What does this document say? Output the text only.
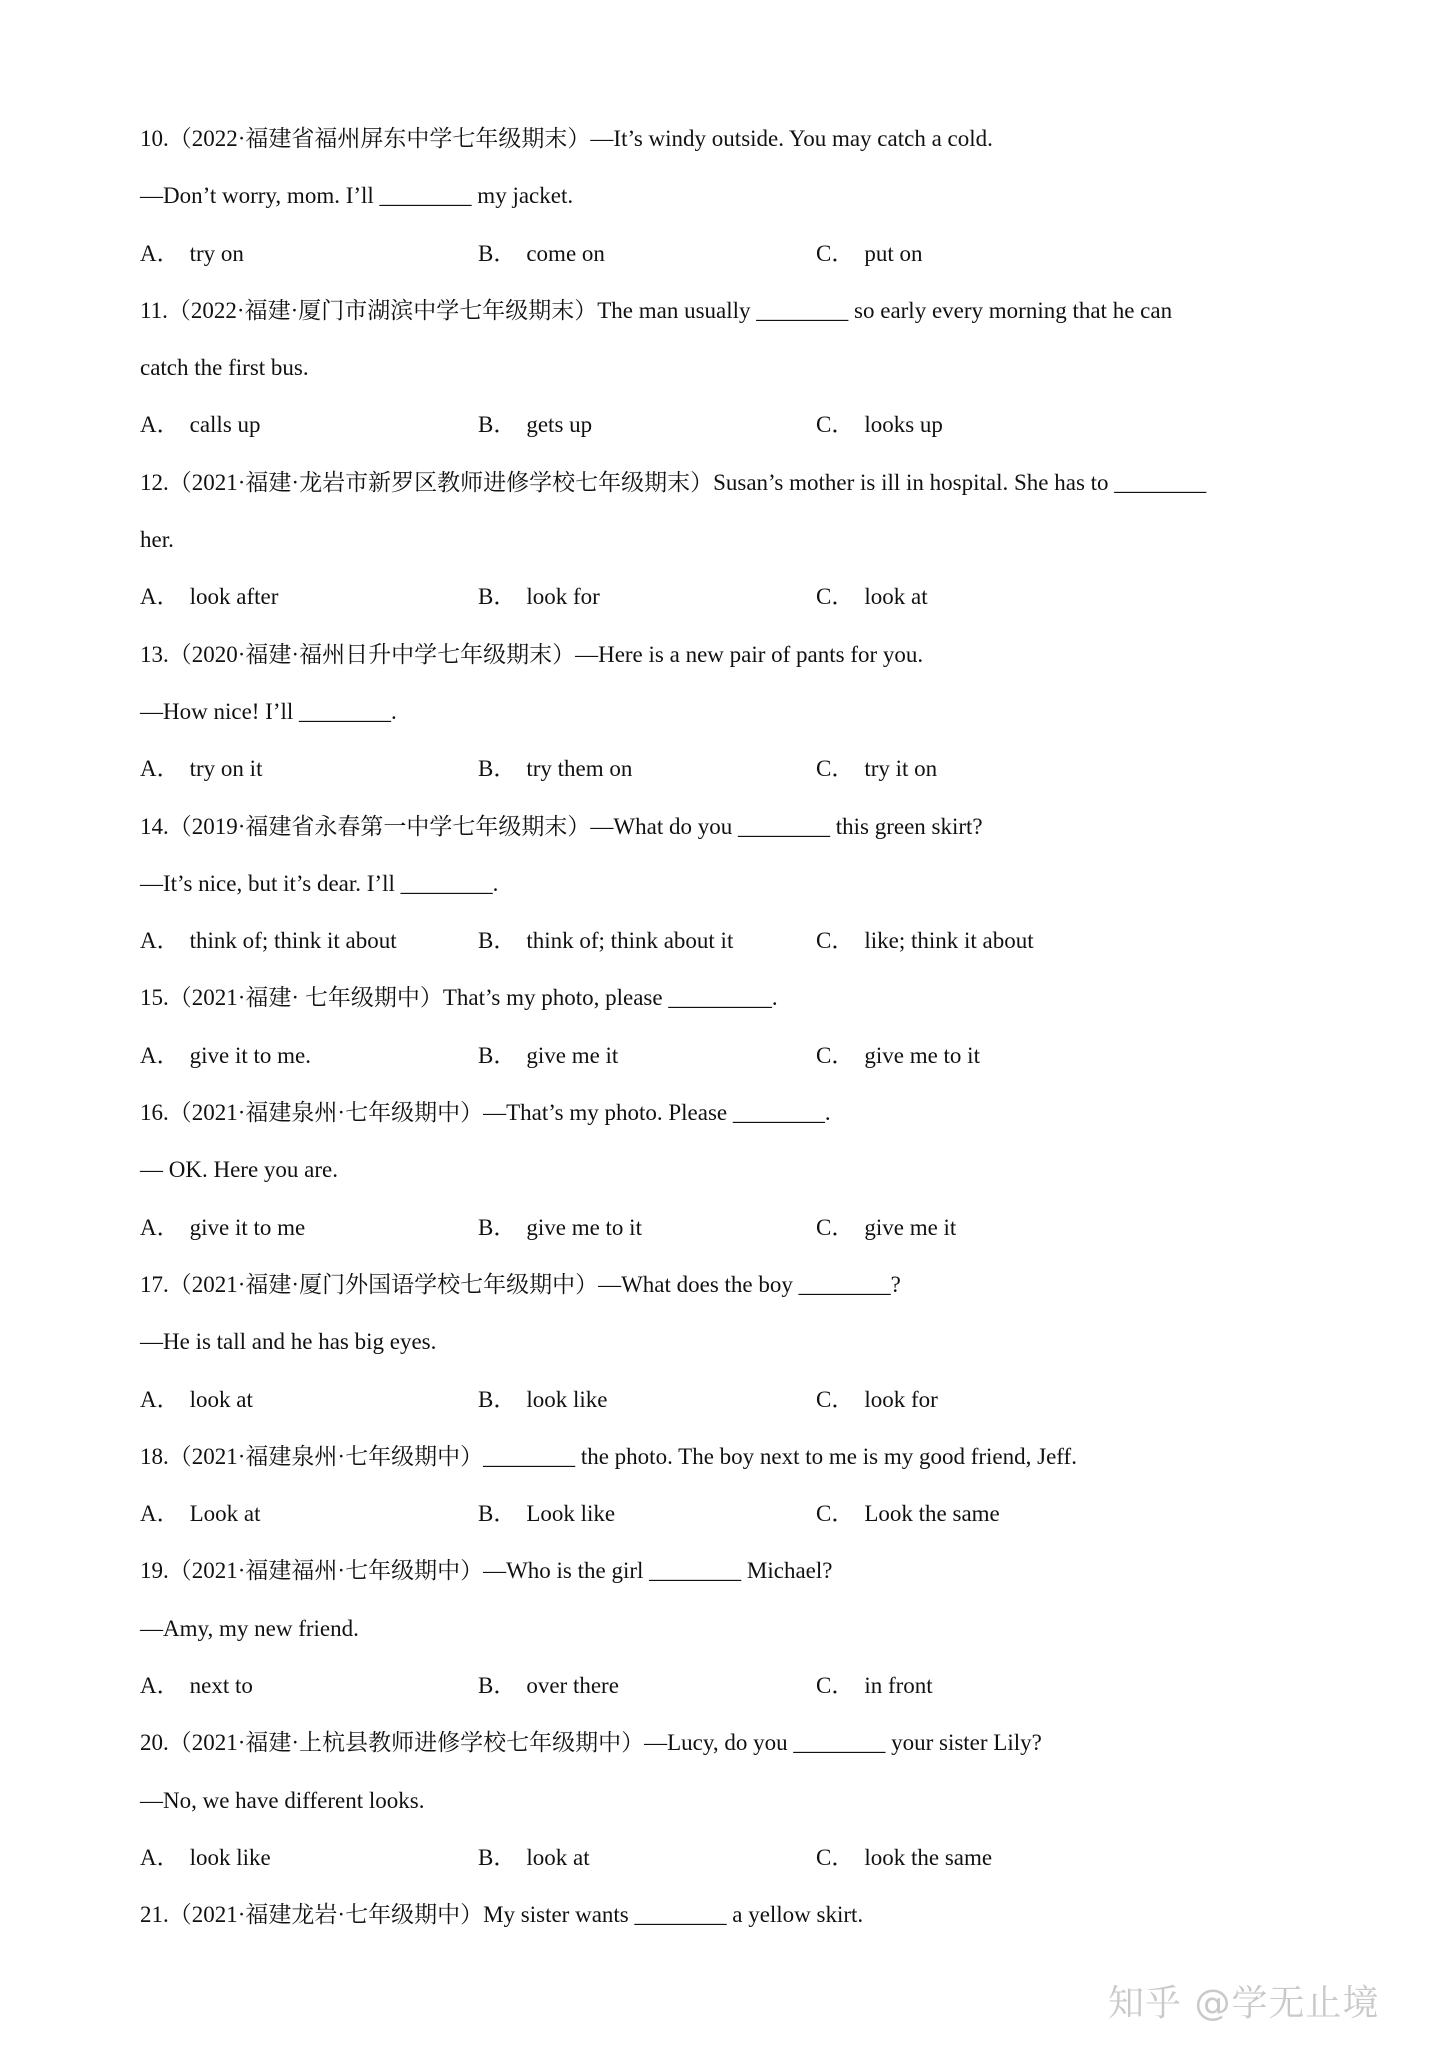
10.（2022·福建省福州屏东中学七年级期末）—It’s windy outside. You may catch a cold.
—Don’t worry, mom. I’ll ________ my jacket.
A． try on	B． come on	C． put on
11.（2022·福建·厦门市湖滨中学七年级期末）The man usually ________ so early every morning that he can
catch the first bus.
A． calls up	B． gets up	C． looks up
12.（2021·福建·龙岩市新罗区教师进修学校七年级期末）Susan’s mother is ill in hospital. She has to ________
her.
A． look after	B． look for	C． look at
13.（2020·福建·福州日升中学七年级期末）—Here is a new pair of pants for you.
—How nice! I’ll ________.
A． try on it	B． try them on	C． try it on
14.（2019·福建省永春第一中学七年级期末）—What do you ________ this green skirt?
—It’s nice, but it’s dear. I’ll ________.
A． think of; think it about	B． think of; think about it	C． like; think it about
15.（2021·福建· 七年级期中）That’s my photo, please _________.
A． give it to me.	B． give me it	C． give me to it
16.（2021·福建泉州·七年级期中）—That’s my photo. Please ________.
— OK. Here you are.
A． give it to me	B． give me to it	C． give me it
17.（2021·福建·厦门外国语学校七年级期中）—What does the boy ________?
—He is tall and he has big eyes.
A． look at	B． look like	C． look for
18.（2021·福建泉州·七年级期中）________ the photo. The boy next to me is my good friend, Jeff.
A． Look at	B． Look like	C． Look the same
19.（2021·福建福州·七年级期中）—Who is the girl ________ Michael?
—Amy, my new friend.
A． next to	B． over there	C． in front
20.（2021·福建·上杭县教师进修学校七年级期中）—Lucy, do you ________ your sister Lily?
—No, we have different looks.
A． look like	B． look at	C． look the same
21.（2021·福建龙岩·七年级期中）My sister wants ________ a yellow skirt.
知乎 @学无止境
